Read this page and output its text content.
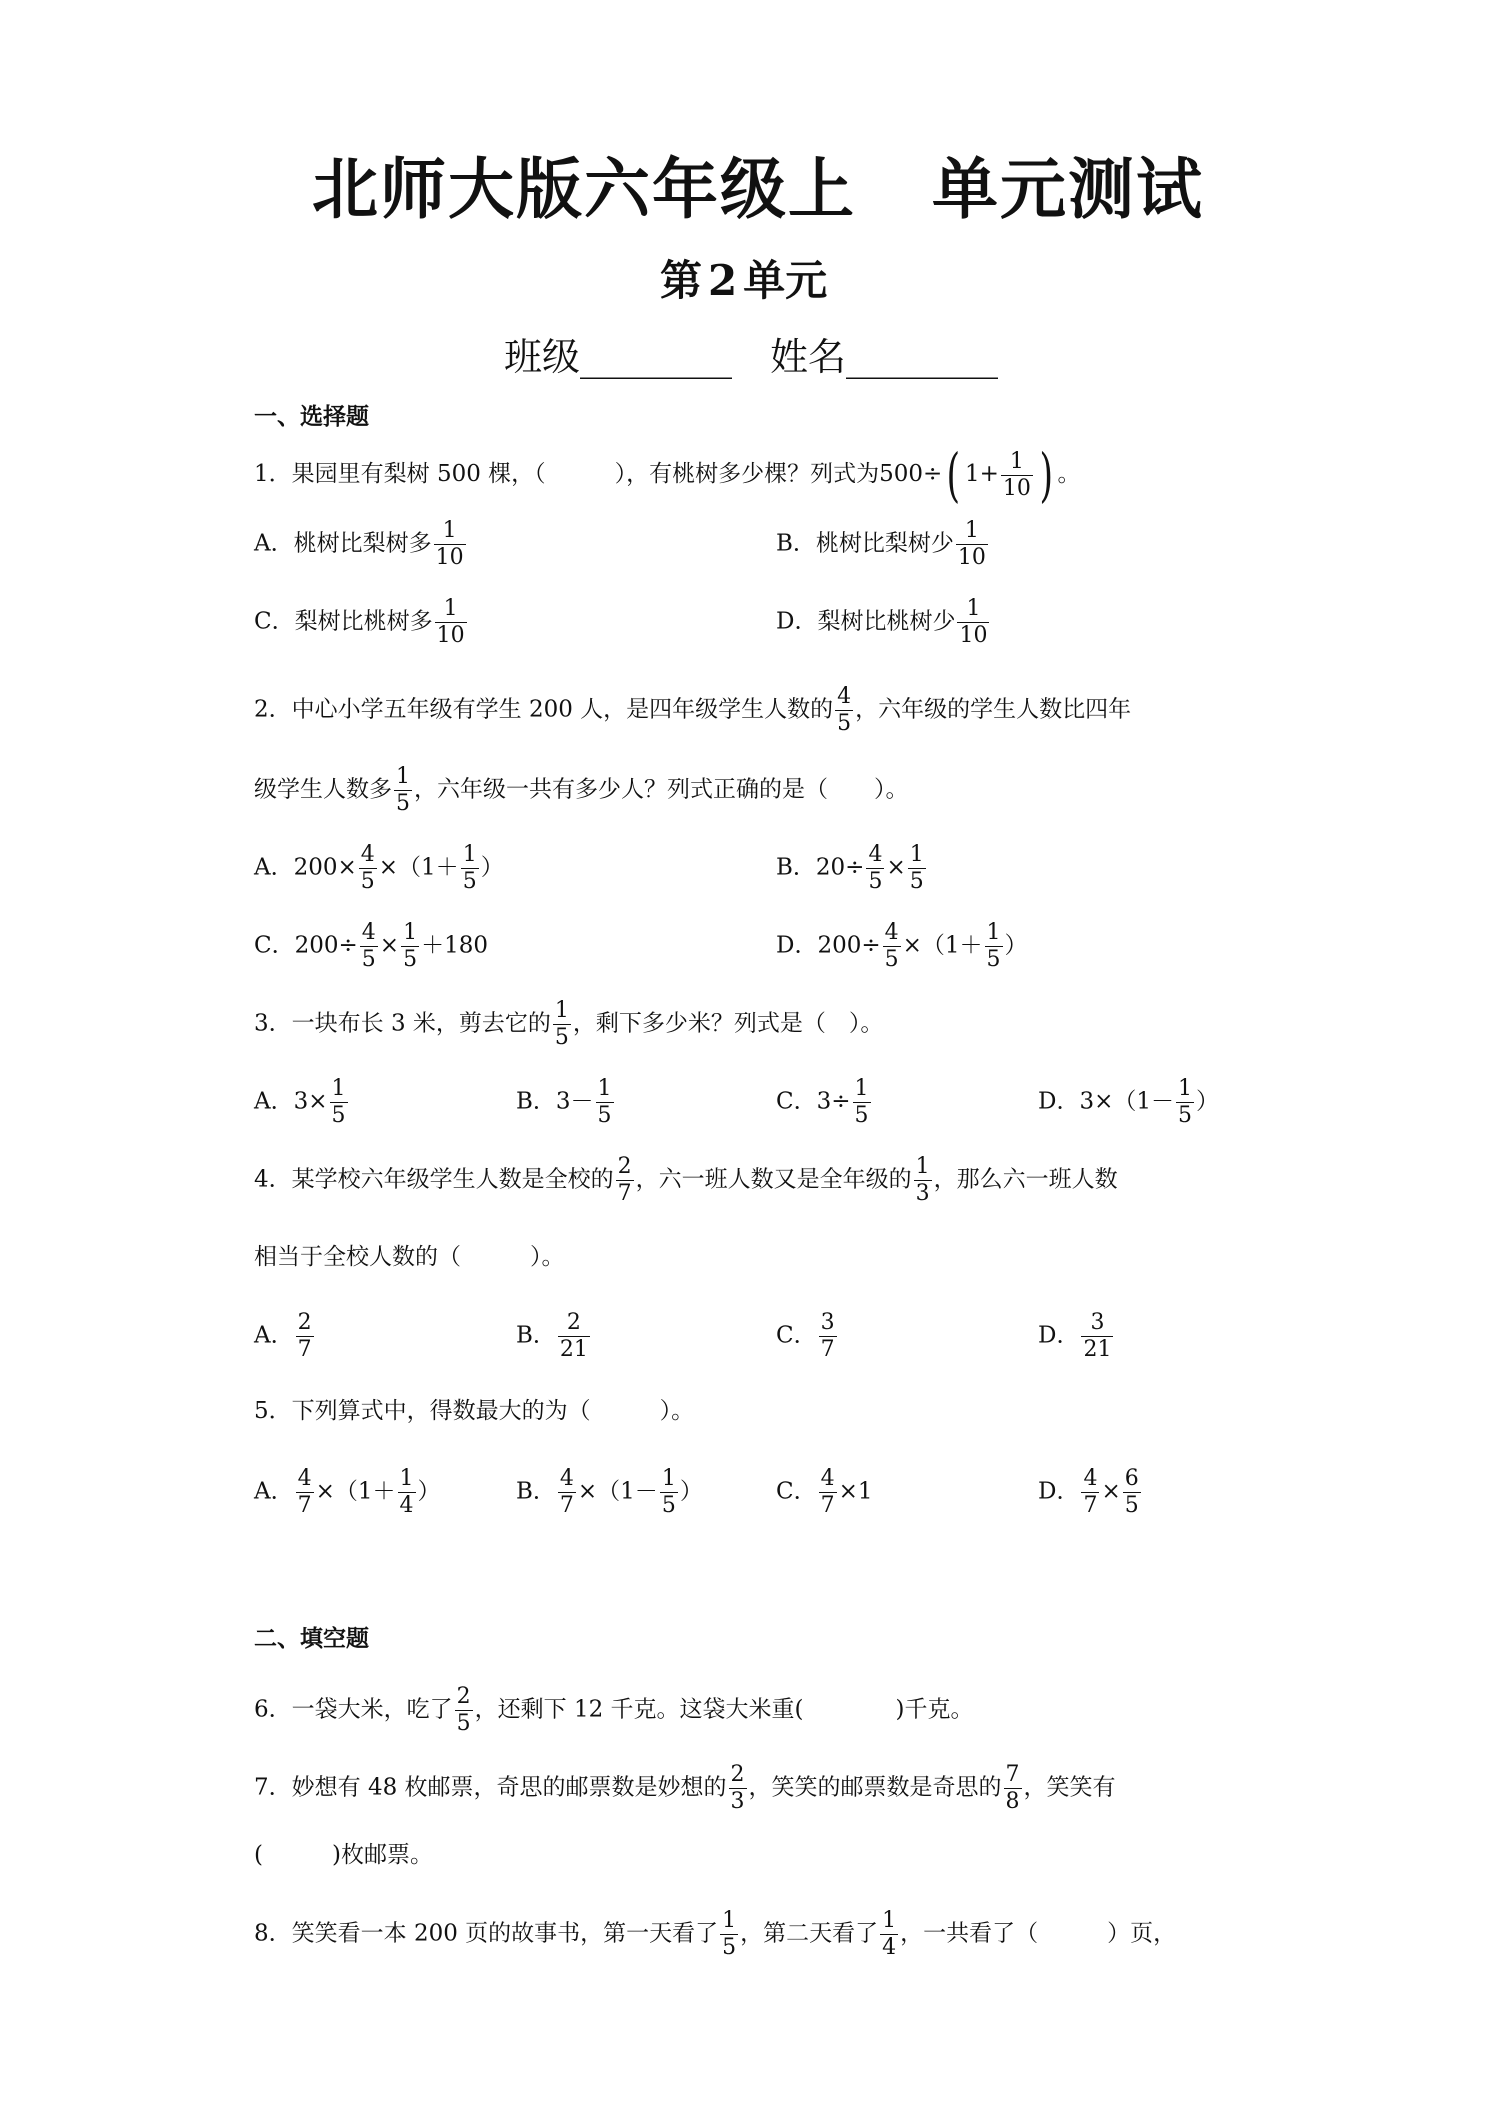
北师大版六年级上 单元测试
第 2 单元
班级________ 姓名________
一、选择题
1．果园里有梨树 500 棵，（　　　），有桃树多少棵？列式为500÷( $1+ \frac{1}{10}$ ) 。
A．桃树比梨树多 $\frac{1}{10}$	B．桃树比梨树少 $\frac{1}{10}$
C．梨树比桃树多 $\frac{1}{10}$	D．梨树比桃树少 $\frac{1}{10}$
2．中心小学五年级有学生 200 人，是四年级学生人数的 $\frac{4}{5}$ ，六年级的学生人数比四年
级学生人数多 $\frac{1}{5}$ ，六年级一共有多少人？列式正确的是（　　）。
A．$200\times \frac{4}{5} \times(1+ \frac{1}{5}$ ）	B．$20\div \frac{4}{5} \times \frac{1}{5}$
C．$200\div \frac{4}{5} \times \frac{1}{5} +180$	D．$200\div \frac{4}{5} \times(1+ \frac{1}{5}$ ）
3．一块布长 3 米，剪去它的 $\frac{1}{5}$ ，剩下多少米？列式是（　）。
A．$3\times \frac{1}{5}$	B．$3- \frac{1}{5}$	C．$3\div \frac{1}{5}$	D．$3\times(1- \frac{1}{5}$ ）
4．某学校六年级学生人数是全校的 $\frac{2}{7}$ ，六一班人数又是全年级的 $\frac{1}{3}$ ，那么六一班人数
相当于全校人数的（　　　）。
A． $\frac{2}{7}$	B． $\frac{2}{21}$	C． $\frac{3}{7}$	D． $\frac{3}{21}$
5．下列算式中，得数最大的为（　　　）。
A． $\frac{4}{7} \times(1+ \frac{1}{4}$ ）	B． $\frac{4}{7} \times(1- \frac{1}{5}$ ）	C． $\frac{4}{7} \times 1$	D． $\frac{4}{7} \times \frac{6}{5}$
二、填空题
6．一袋大米，吃了 $\frac{2}{5}$ ，还剩下 12 千克。这袋大米重(　　　　)千克。
7．妙想有 48 枚邮票，奇思的邮票数是妙想的 $\frac{2}{3}$ ，笑笑的邮票数是奇思的 $\frac{7}{8}$ ，笑笑有
(　　　)枚邮票。
8．笑笑看一本 200 页的故事书，第一天看了 $\frac{1}{5}$ ，第二天看了 $\frac{1}{4}$ ，一共看了（　　　）页，
